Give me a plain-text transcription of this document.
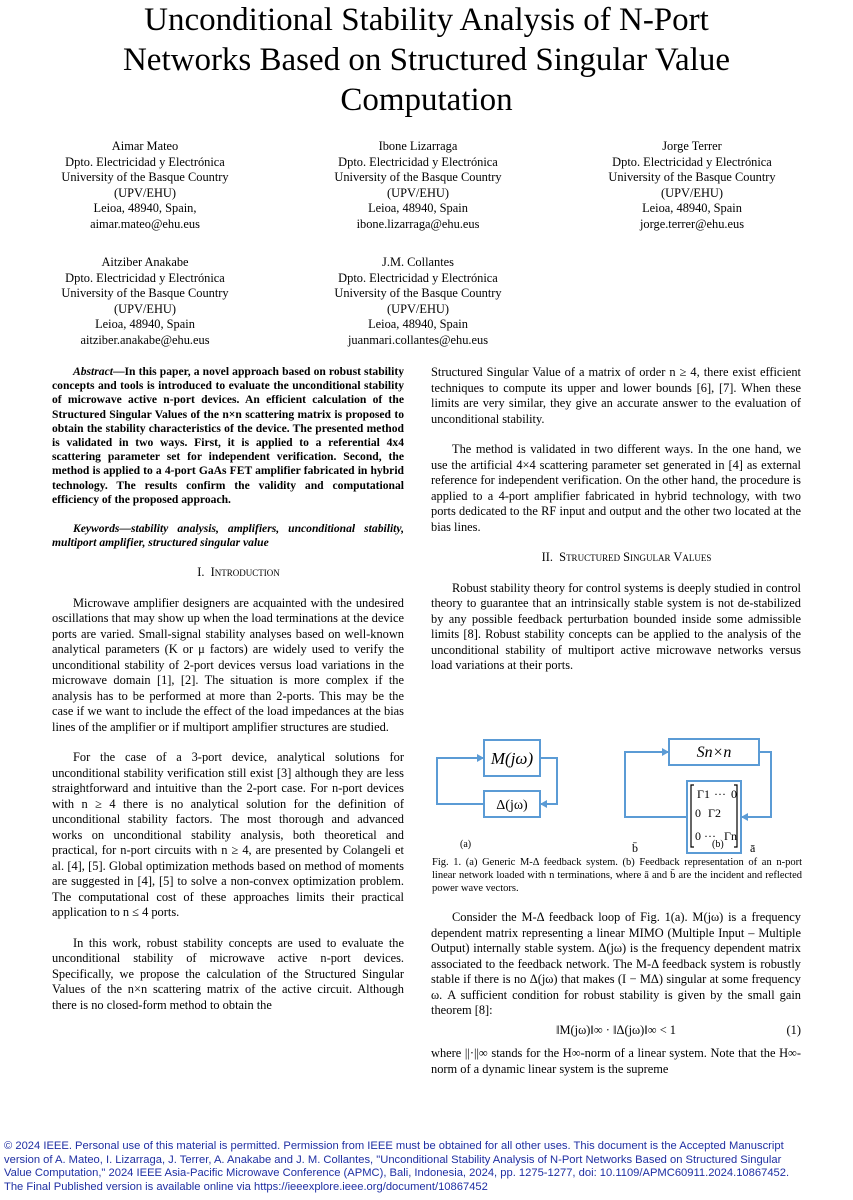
Unconditional Stability Analysis of N-Port
Networks Based on Structured Singular Value
Computation
Aimar Mateo
Dpto. Electricidad y Electrónica
University of the Basque Country
(UPV/EHU)
Leioa, 48940, Spain,
aimar.mateo@ehu.eus
Ibone Lizarraga
Dpto. Electricidad y Electrónica
University of the Basque Country
(UPV/EHU)
Leioa, 48940, Spain
ibone.lizarraga@ehu.eus
Jorge Terrer
Dpto. Electricidad y Electrónica
University of the Basque Country
(UPV/EHU)
Leioa, 48940, Spain
jorge.terrer@ehu.eus
Aitziber Anakabe
Dpto. Electricidad y Electrónica
University of the Basque Country
(UPV/EHU)
Leioa, 48940, Spain
aitziber.anakabe@ehu.eus
J.M. Collantes
Dpto. Electricidad y Electrónica
University of the Basque Country
(UPV/EHU)
Leioa, 48940, Spain
juanmari.collantes@ehu.eus

Abstract—In this paper, a novel approach based on robust stability concepts and tools is introduced to evaluate the unconditional stability of microwave active n-port devices. An efficient calculation of the Structured Singular Values of the n×n scattering matrix is proposed to obtain the stability characteristics of the device. The presented method is validated in two ways. First, it is applied to a referential 4x4 scattering parameter set for independent verification. Second, the method is applied to a 4-port GaAs FET amplifier fabricated in hybrid technology. The results confirm the validity and computational efficiency of the proposed approach.

Keywords—stability analysis, amplifiers, unconditional stability, multiport amplifier, structured singular value

I. Introduction

Microwave amplifier designers are acquainted with the undesired oscillations that may show up when the load terminations at the device ports are varied. Small-signal stability analyses based on well-known analytical parameters (K or μ factors) are widely used to verify the unconditional stability of 2-port devices versus load variations in the microwave domain [1], [2]. The situation is more complex if the analysis has to be performed at more than 2-ports. This may be the case if we want to include the effect of the load impedances at the bias lines of the amplifier or if multiport amplifier structures are studied.

For the case of a 3-port device, analytical solutions for unconditional stability verification still exist [3] although they are less straightforward and intuitive than the 2-port case. For n-port devices with n ≥ 4 there is no analytical solution for the definition of unconditional stability factors. The most thorough and advanced works on unconditional stability analysis, both theoretical and practical, for n-port circuits with n ≥ 4, are presented by Colangeli et al. [4], [5]. Global optimization methods based on method of moments are suggested in [4], [5] to solve a non-convex optimization problem. The computational cost of these approaches limits their practical application to n ≤ 4 ports.

In this work, robust stability concepts are used to evaluate the unconditional stability of microwave active n-port devices. Specifically, we propose the calculation of the Structured Singular Values of the n×n scattering matrix of the active circuit. Although there is no closed-form method to obtain the

Structured Singular Value of a matrix of order n ≥ 4, there exist efficient techniques to compute its upper and lower bounds [6], [7]. When these limits are very similar, they give an accurate answer to the evaluation of unconditional stability.

The method is validated in two different ways. In the one hand, we use the artificial 4×4 scattering parameter set generated in [4] as external reference for independent verification. On the other hand, the procedure is applied to a 4-port amplifier fabricated in hybrid technology, with two ports dedicated to the RF input and output and the other two located at the bias lines.

II. Structured Singular Values

Robust stability theory for control systems is deeply studied in control theory to guarantee that an intrinsically stable system is not de-stabilized by any possible feedback perturbation bounded inside some admissible limits [8]. Robust stability concepts can be applied to the analysis of the unconditional stability of multiport active microwave networks versus load variations at their ports.

M(jω)
Δ(jω)
Sn×n
b̄	ā
Γ1 ··· 0
0 Γ2
0 ··· Γn
(a)	(b)
Fig. 1. (a) Generic M-Δ feedback system. (b) Feedback representation of an n-port linear network loaded with n terminations, where ā and b̄ are the incident and reflected power wave vectors.

Consider the M-Δ feedback loop of Fig. 1(a). M(jω) is a frequency dependent matrix representing a linear MIMO (Multiple Input – Multiple Output) internally stable system. Δ(jω) is the frequency dependent matrix associated to the feedback network. The M-Δ feedback system is robustly stable if there is no Δ(jω) that makes (I − MΔ) singular at some frequency ω. A sufficient condition for robust stability is given by the small gain theorem [8]:

‖M(jω)‖∞ · ‖Δ(jω)‖∞ < 1	(1)

where ||·||∞ stands for the H∞-norm of a linear system. Note that the H∞-norm of a dynamic linear system is the supreme

© 2024 IEEE. Personal use of this material is permitted. Permission from IEEE must be obtained for all other uses. This document is the Accepted Manuscript
version of A. Mateo, I. Lizarraga, J. Terrer, A. Anakabe and J. M. Collantes, "Unconditional Stability Analysis of N-Port Networks Based on Structured Singular
Value Computation," 2024 IEEE Asia-Pacific Microwave Conference (APMC), Bali, Indonesia, 2024, pp. 1275-1277, doi: 10.1109/APMC60911.2024.10867452.
The Final Published version is available online via https://ieeexplore.ieee.org/document/10867452
